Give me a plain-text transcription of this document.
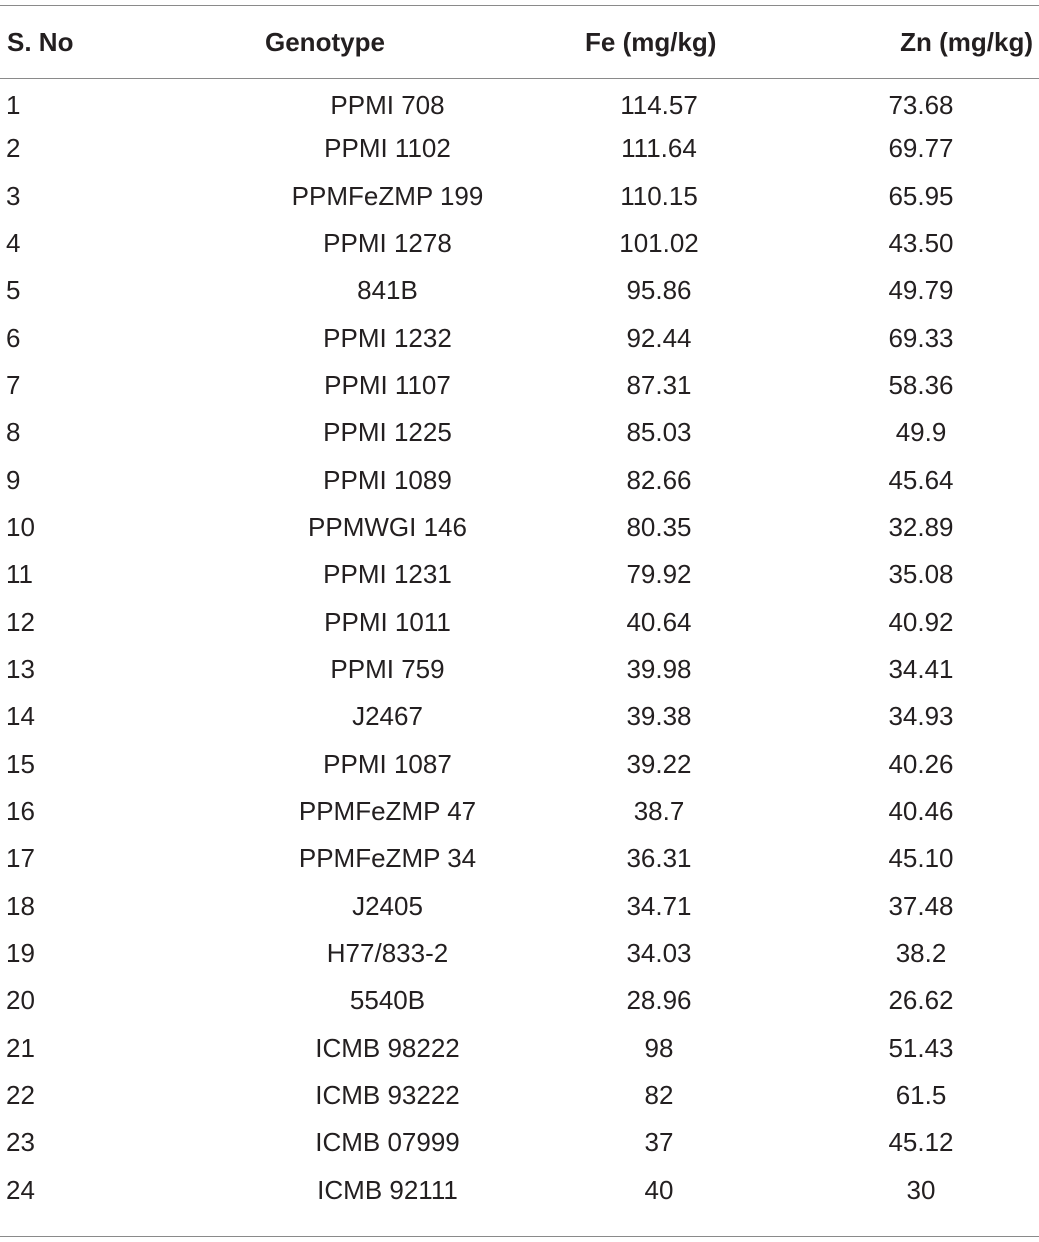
S. No	Genotype	Fe (mg/kg)	Zn (mg/kg)
1	PPMI 708	114.57	73.68
2	PPMI 1102	111.64	69.77
3	PPMFeZMP 199	110.15	65.95
4	PPMI 1278	101.02	43.50
5	841B	95.86	49.79
6	PPMI 1232	92.44	69.33
7	PPMI 1107	87.31	58.36
8	PPMI 1225	85.03	49.9
9	PPMI 1089	82.66	45.64
10	PPMWGI 146	80.35	32.89
11	PPMI 1231	79.92	35.08
12	PPMI 1011	40.64	40.92
13	PPMI 759	39.98	34.41
14	J2467	39.38	34.93
15	PPMI 1087	39.22	40.26
16	PPMFeZMP 47	38.7	40.46
17	PPMFeZMP 34	36.31	45.10
18	J2405	34.71	37.48
19	H77/833-2	34.03	38.2
20	5540B	28.96	26.62
21	ICMB 98222	98	51.43
22	ICMB 93222	82	61.5
23	ICMB 07999	37	45.12
24	ICMB 92111	40	30
